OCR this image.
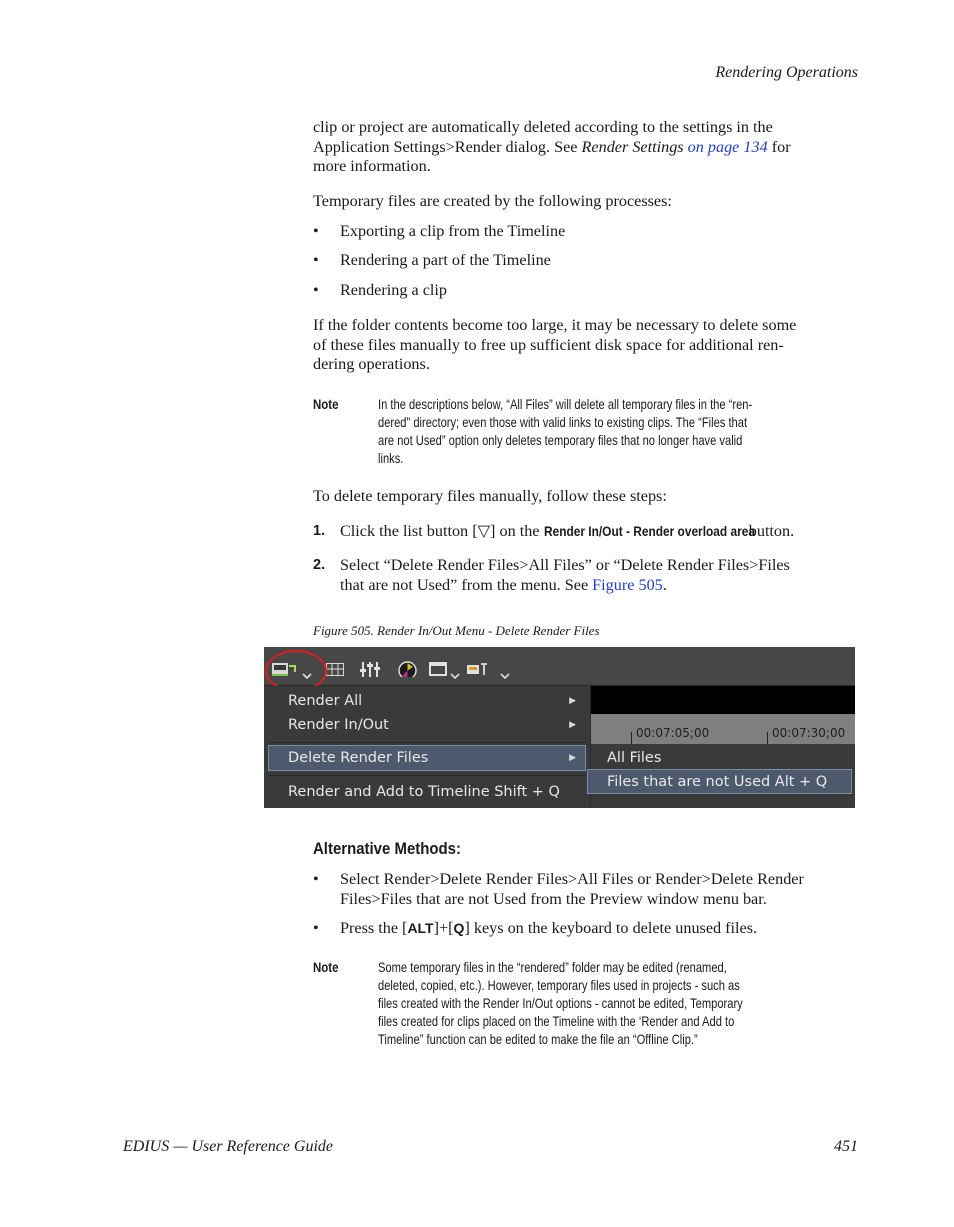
Rendering Operations

clip or project are automatically deleted according to the settings in the

Application Settings>Render dialog. See Render Settings on page 134 for

more information.

Temporary files are created by the following processes:
• Exporting a clip from the Timeline
• Rendering a part of the Timeline
• Rendering a clip

If the folder contents become too large, it may be necessary to delete some

of these files manually to free up sufficient disk space for additional ren-

dering operations.

Note	In the descriptions below, “All Files” will delete all temporary files in the “ren-
dered” directory; even those with valid links to existing clips. The “Files that
are not Used” option only deletes temporary files that no longer have valid
links.
To delete temporary files manually, follow these steps:
1. Click the list button [▽] on the Render In/Out - Render overload area button.
2. Select “Delete Render Files>All Files” or “Delete Render Files>Files
that are not Used” from the menu. See Figure 505.
Figure 505. Render In/Out Menu - Delete Render Files
00:07:05;00	00:07:30;00
Render All	▶
Render In/Out	▶
Delete Render Files	▶
Render and Add to Timeline Shift + Q
All Files
Files that are not Used Alt + Q
Alternative Methods:
• Select Render>Delete Render Files>All Files or Render>Delete Render
Files>Files that are not Used from the Preview window menu bar.
• Press the [ALT]+[Q] keys on the keyboard to delete unused files.
Note	Some temporary files in the “rendered” folder may be edited (renamed,
deleted, copied, etc.). However, temporary files used in projects - such as
files created with the Render In/Out options - cannot be edited, Temporary
files created for clips placed on the Timeline with the ‘Render and Add to
Timeline” function can be edited to make the file an “Offline Clip.”
EDIUS — User Reference Guide	451
